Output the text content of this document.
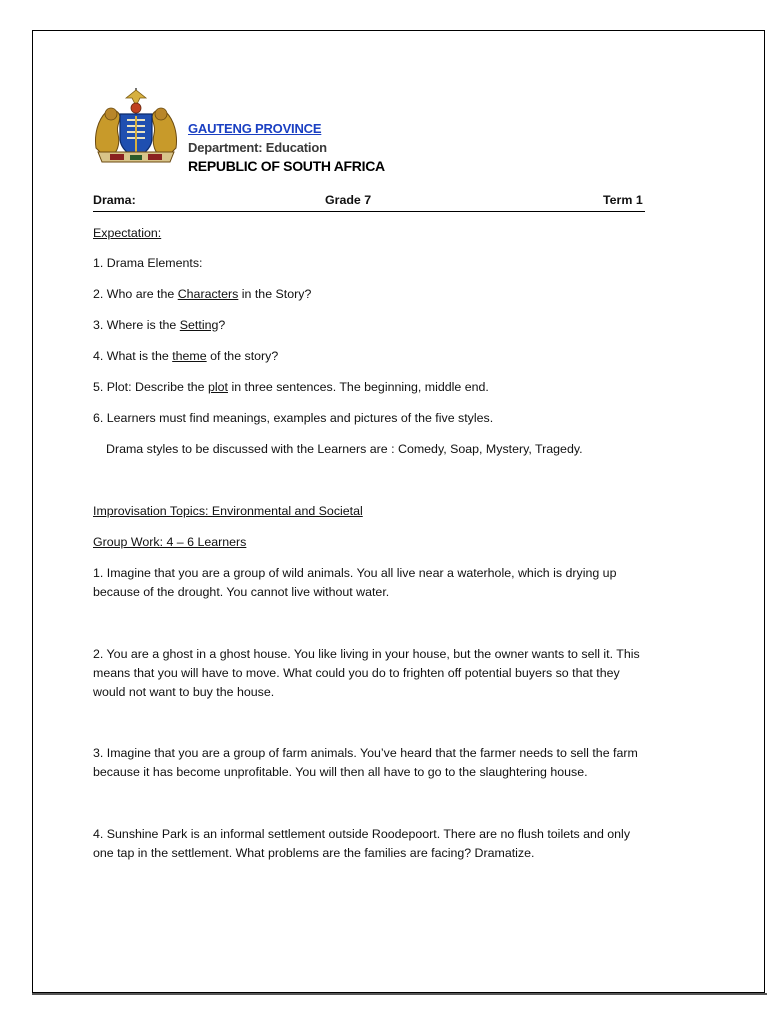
GAUTENG PROVINCE
Department: Education
REPUBLIC OF SOUTH AFRICA
Drama:	Grade 7	Term 1
Expectation:
1. Drama Elements:
2. Who are the Characters in the Story?
3. Where is the Setting?
4. What is the theme of the story?
5. Plot: Describe the plot in three sentences. The beginning, middle end.
6. Learners must find meanings, examples and pictures of the five styles.
Drama styles to be discussed with the Learners are : Comedy, Soap, Mystery, Tragedy.
Improvisation Topics: Environmental and Societal
Group Work: 4 – 6 Learners
1. Imagine that you are a group of wild animals. You all live near a waterhole, which is drying up
because of the drought. You cannot live without water.
2. You are a ghost in a ghost house. You like living in your house, but the owner wants to sell it. This
means that you will have to move. What could you do to frighten off potential buyers so that they
would not want to buy the house.
3. Imagine that you are a group of farm animals. You’ve heard that the farmer needs to sell the farm
because it has become unprofitable. You will then all have to go to the slaughtering house.
4. Sunshine Park is an informal settlement outside Roodepoort. There are no flush toilets and only
one tap in the settlement. What problems are the families are facing? Dramatize.
